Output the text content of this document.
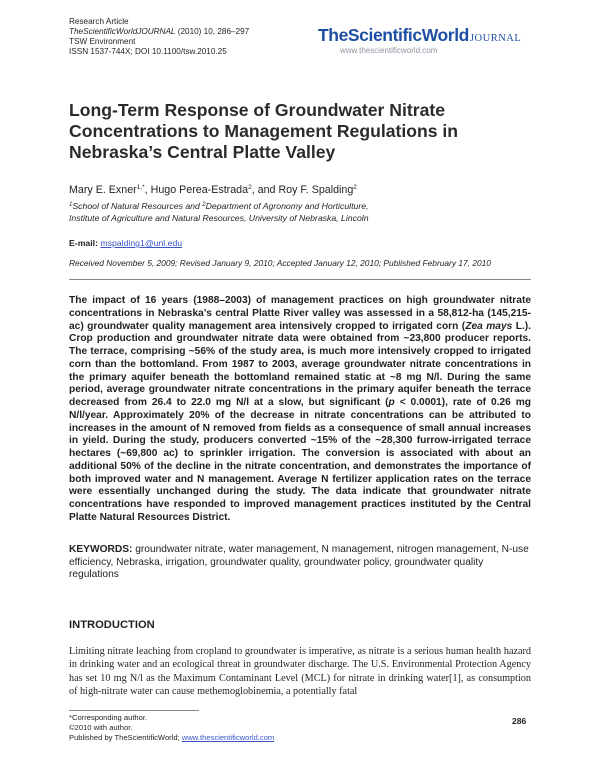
Research Article
TheScientificWorldJOURNAL (2010) 10, 286–297
TSW Environment
ISSN 1537-744X; DOI 10.1100/tsw.2010.25
TheScientificWorldJOURNAL
www.thescientificworld.com
Long-Term Response of Groundwater Nitrate Concentrations to Management Regulations in Nebraska’s Central Platte Valley
Mary E. Exner$^{1,*}$, Hugo Perea-Estrada$^2$, and Roy F. Spalding$^2$
$^1$School of Natural Resources and $^2$Department of Agronomy and Horticulture,
Institute of Agriculture and Natural Resources, University of Nebraska, Lincoln
E-mail: mspalding1@unl.edu
Received November 5, 2009; Revised January 9, 2010; Accepted January 12, 2010; Published February 17, 2010
The impact of 16 years (1988–2003) of management practices on high groundwater nitrate concentrations in Nebraska’s central Platte River valley was assessed in a 58,812-ha (145,215-ac) groundwater quality management area intensively cropped to irrigated corn (Zea mays L.). Crop production and groundwater nitrate data were obtained from ~23,800 producer reports. The terrace, comprising ~56% of the study area, is much more intensively cropped to irrigated corn than the bottomland. From 1987 to 2003, average groundwater nitrate concentrations in the primary aquifer beneath the bottomland remained static at ~8 mg N/l. During the same period, average groundwater nitrate concentrations in the primary aquifer beneath the terrace decreased from 26.4 to 22.0 mg N/l at a slow, but significant (p < 0.0001), rate of 0.26 mg N/l/year. Approximately 20% of the decrease in nitrate concentrations can be attributed to increases in the amount of N removed from fields as a consequence of small annual increases in yield. During the study, producers converted ~15% of the ~28,300 furrow-irrigated terrace hectares (~69,800 ac) to sprinkler irrigation. The conversion is associated with about an additional 50% of the decline in the nitrate concentration, and demonstrates the importance of both improved water and N management. Average N fertilizer application rates on the terrace were essentially unchanged during the study. The data indicate that groundwater nitrate concentrations have responded to improved management practices instituted by the Central Platte Natural Resources District.
KEYWORDS: groundwater nitrate, water management, N management, nitrogen management, N-use efficiency, Nebraska, irrigation, groundwater quality, groundwater policy, groundwater quality regulations
INTRODUCTION
Limiting nitrate leaching from cropland to groundwater is imperative, as nitrate is a serious human health hazard in drinking water and an ecological threat in groundwater discharge. The U.S. Environmental Protection Agency has set 10 mg N/l as the Maximum Contaminant Level (MCL) for nitrate in drinking water[1], as consumption of high-nitrate water can cause methemoglobinemia, a potentially fatal
*Corresponding author.
©2010 with author.
Published by TheScientificWorld; www.thescientificworld.com
286
